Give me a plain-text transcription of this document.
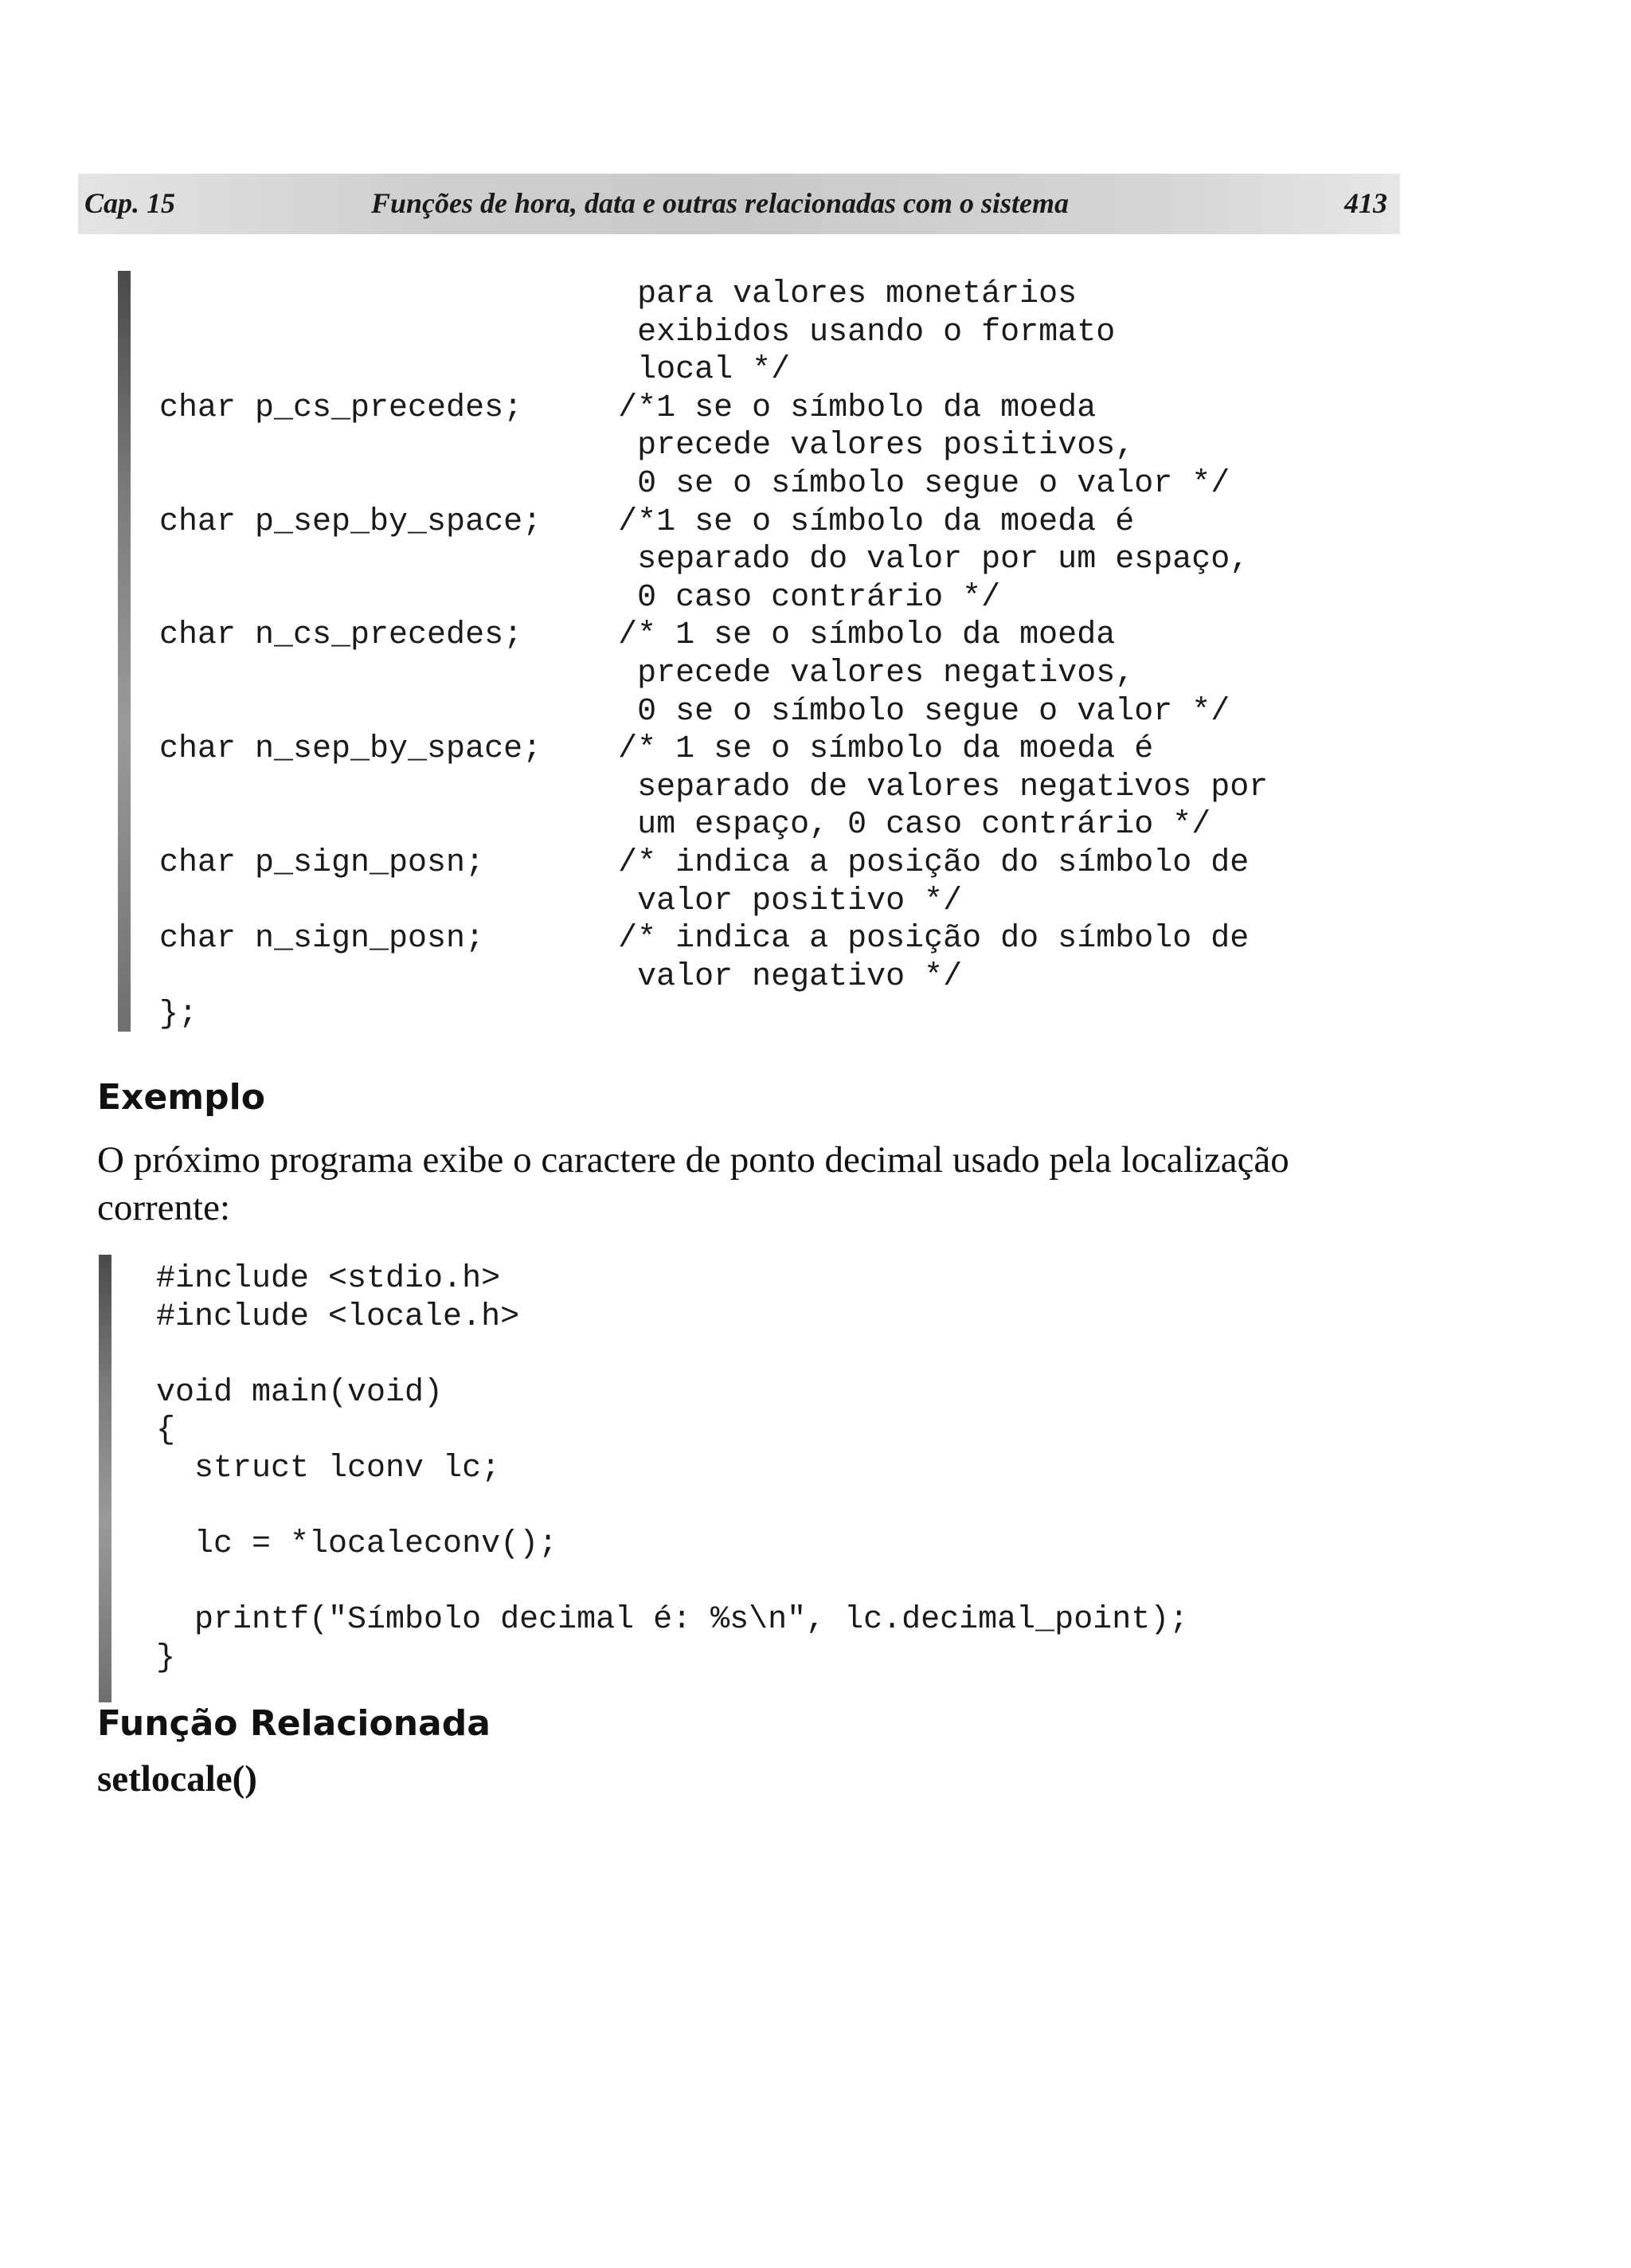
Cap. 15	Funções de hora, data e outras relacionadas com o sistema	413
para valores monetários
exibidos usando o formato
local */
char p_cs_precedes;     /*1 se o símbolo da moeda
precede valores positivos,
0 se o símbolo segue o valor */
char p_sep_by_space;    /*1 se o símbolo da moeda é
separado do valor por um espaço,
0 caso contrário */
char n_cs_precedes;     /* 1 se o símbolo da moeda
precede valores negativos,
0 se o símbolo segue o valor */
char n_sep_by_space;    /* 1 se o símbolo da moeda é
separado de valores negativos por
um espaço, 0 caso contrário */
char p_sign_posn;       /* indica a posição do símbolo de
valor positivo */
char n_sign_posn;       /* indica a posição do símbolo de
valor negativo */
};
Exemplo
O próximo programa exibe o caractere de ponto decimal usado pela localização corrente:
#include <stdio.h>
#include <locale.h>

void main(void)
{
struct lconv lc;

lc = *localeconv();

printf("Símbolo decimal é: %s\n", lc.decimal_point);
}
Função Relacionada
setlocale()
